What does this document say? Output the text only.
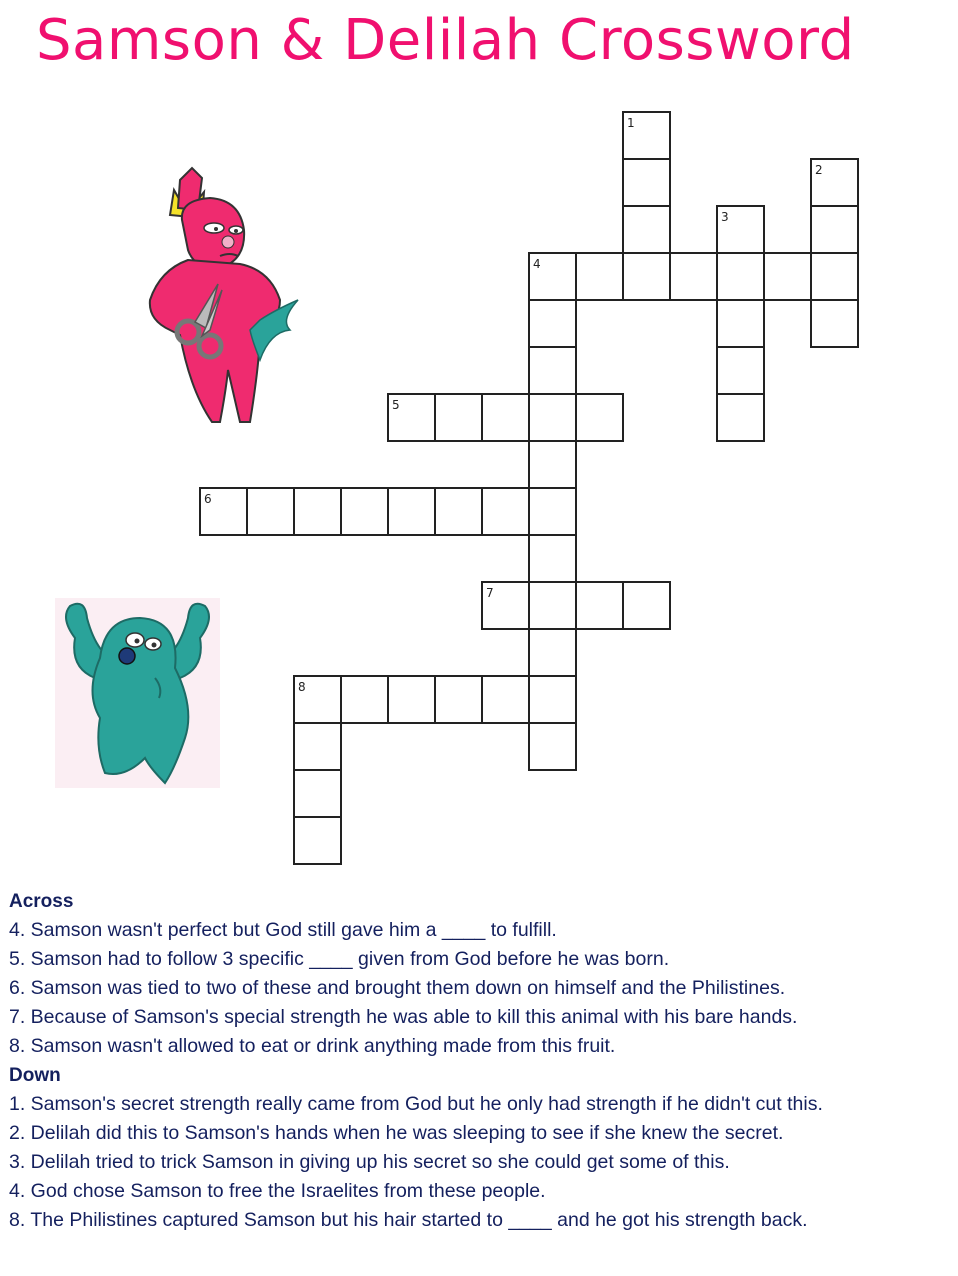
Samson & Delilah Crossword
1
2
3
4
5
6
7
8
Across
4. Samson wasn't perfect but God still gave him a ____ to fulfill.
5. Samson had to follow 3 specific ____ given from God before he was born.
6. Samson was tied to two of these and brought them down on himself and the Philistines.
7. Because of Samson's special strength he was able to kill this animal with his bare hands.
8. Samson wasn't allowed to eat or drink anything made from this fruit.
Down
1. Samson's secret strength really came from God but he only had strength if he didn't cut this.
2. Delilah did this to Samson's hands when he was sleeping to see if she knew the secret.
3. Delilah tried to trick Samson in giving up his secret so she could get some of this.
4. God chose Samson to free the Israelites from these people.
8. The Philistines captured Samson but his hair started to ____ and he got his strength back.
